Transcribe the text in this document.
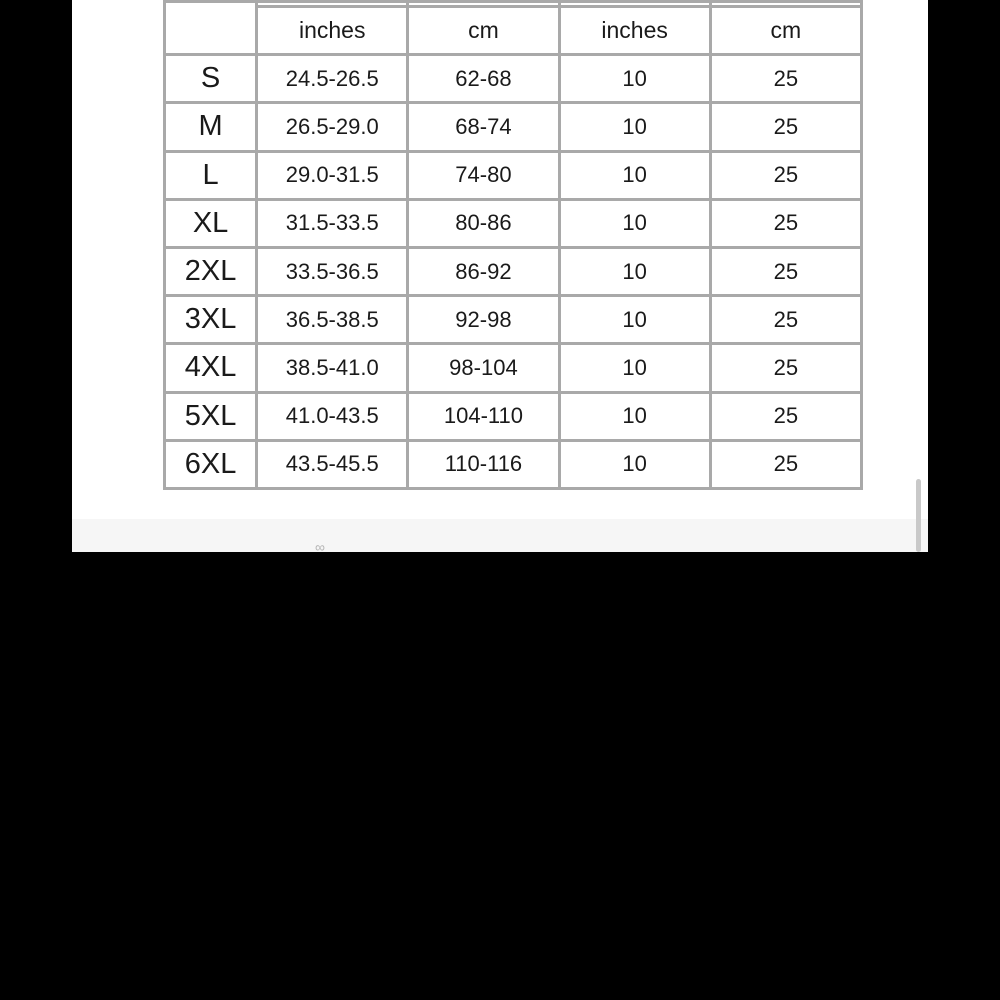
	inches	cm	inches	cm
S	24.5-26.5	62-68	10	25
M	26.5-29.0	68-74	10	25
L	29.0-31.5	74-80	10	25
XL	31.5-33.5	80-86	10	25
2XL	33.5-36.5	86-92	10	25
3XL	36.5-38.5	92-98	10	25
4XL	38.5-41.0	98-104	10	25
5XL	41.0-43.5	104-110	10	25
6XL	43.5-45.5	110-116	10	25
∞
